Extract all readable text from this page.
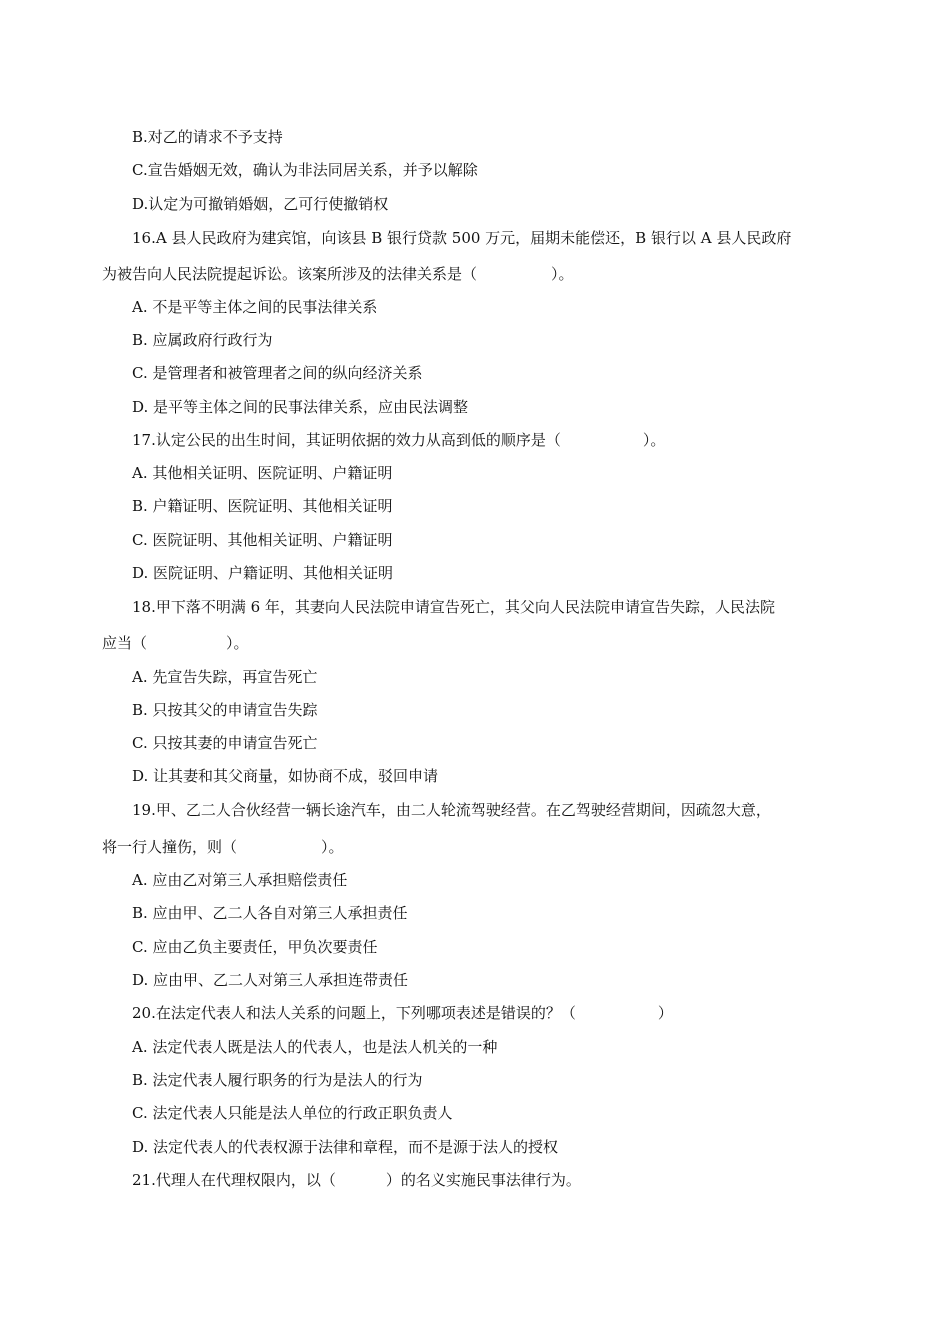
B.对乙的请求不予支持
C.宣告婚姻无效，确认为非法同居关系，并予以解除
D.认定为可撤销婚姻，乙可行使撤销权
16.A 县人民政府为建宾馆，向该县 B 银行贷款 500 万元，届期未能偿还，B 银行以 A 县人民政府
为被告向人民法院提起诉讼。该案所涉及的法律关系是（	）。
A. 不是平等主体之间的民事法律关系
B. 应属政府行政行为
C. 是管理者和被管理者之间的纵向经济关系
D. 是平等主体之间的民事法律关系，应由民法调整
17.认定公民的出生时间，其证明依据的效力从高到低的顺序是（	）。
A. 其他相关证明、医院证明、户籍证明
B. 户籍证明、医院证明、其他相关证明
C. 医院证明、其他相关证明、户籍证明
D. 医院证明、户籍证明、其他相关证明
18.甲下落不明满 6 年，其妻向人民法院申请宣告死亡，其父向人民法院申请宣告失踪，人民法院
应当（	）。
A. 先宣告失踪，再宣告死亡
B. 只按其父的申请宣告失踪
C. 只按其妻的申请宣告死亡
D. 让其妻和其父商量，如协商不成，驳回申请
19.甲、乙二人合伙经营一辆长途汽车，由二人轮流驾驶经营。在乙驾驶经营期间，因疏忽大意，
将一行人撞伤，则（	）。
A. 应由乙对第三人承担赔偿责任
B. 应由甲、乙二人各自对第三人承担责任
C. 应由乙负主要责任，甲负次要责任
D. 应由甲、乙二人对第三人承担连带责任
20.在法定代表人和法人关系的问题上，下列哪项表述是错误的？（	）
A. 法定代表人既是法人的代表人，也是法人机关的一种
B. 法定代表人履行职务的行为是法人的行为
C. 法定代表人只能是法人单位的行政正职负责人
D. 法定代表人的代表权源于法律和章程，而不是源于法人的授权
21.代理人在代理权限内，以（	）的名义实施民事法律行为。
